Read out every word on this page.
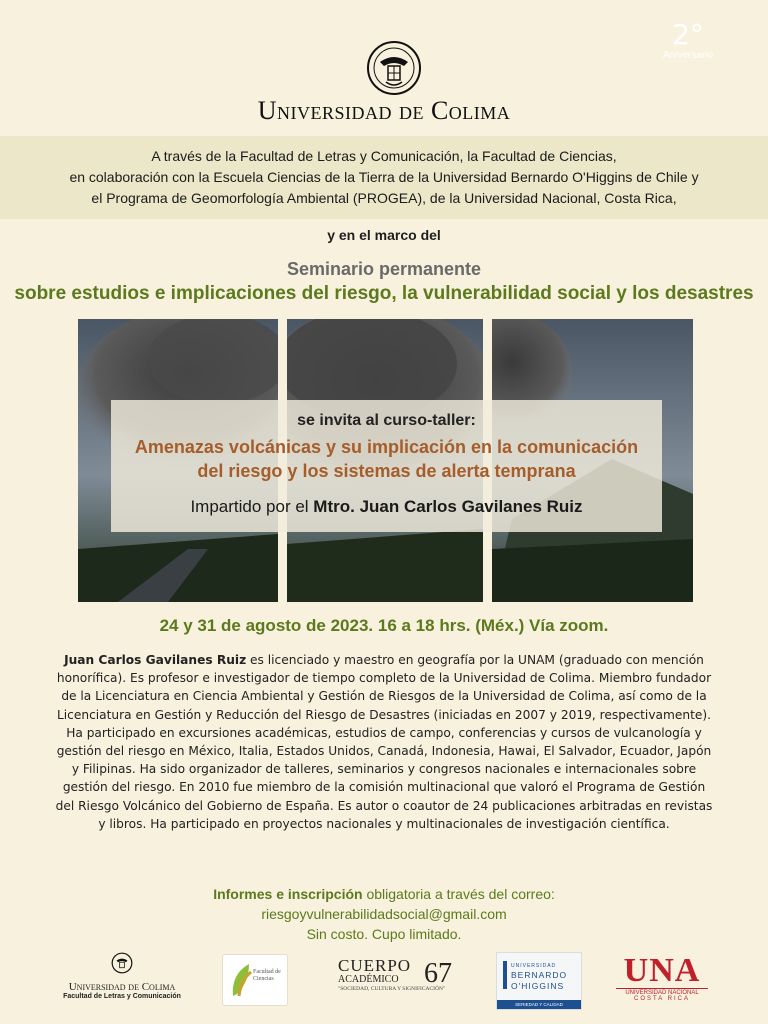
2°
Aniversario
Universidad de Colima
A través de la Facultad de Letras y Comunicación, la Facultad de Ciencias,
en colaboración con la Escuela Ciencias de la Tierra de la Universidad Bernardo O'Higgins de Chile y
el Programa de Geomorfología Ambiental (PROGEA), de la Universidad Nacional, Costa Rica,
y en el marco del
Seminario permanente
sobre estudios e implicaciones del riesgo, la vulnerabilidad social y los desastres
se invita al curso-taller:
Amenazas volcánicas y su implicación en la comunicación
del riesgo y los sistemas de alerta temprana
Impartido por el Mtro. Juan Carlos Gavilanes Ruiz
24 y 31 de agosto de 2023. 16 a 18 hrs. (Méx.) Vía zoom.
Juan Carlos Gavilanes Ruiz es licenciado y maestro en geografía por la UNAM (graduado con mención honorífica). Es profesor e investigador de tiempo completo de la Universidad de Colima. Miembro fundador de la Licenciatura en Ciencia Ambiental y Gestión de Riesgos de la Universidad de Colima, así como de la Licenciatura en Gestión y Reducción del Riesgo de Desastres (iniciadas en 2007 y 2019, respectivamente). Ha participado en excursiones académicas, estudios de campo, conferencias y cursos de vulcanología y gestión del riesgo en México, Italia, Estados Unidos, Canadá, Indonesia, Hawai, El Salvador, Ecuador, Japón y Filipinas. Ha sido organizador de talleres, seminarios y congresos nacionales e internacionales sobre gestión del riesgo. En 2010 fue miembro de la comisión multinacional que valoró el Programa de Gestión del Riesgo Volcánico del Gobierno de España. Es autor o coautor de 24 publicaciones arbitradas en revistas y libros. Ha participado en proyectos nacionales y multinacionales de investigación científica.
Informes e inscripción obligatoria a través del correo:
riesgoyvulnerabilidadsocial@gmail.com
Sin costo. Cupo limitado.
Universidad de Colima
Facultad de Letras y Comunicación
Facultad de Ciencias
CUERPO
ACADÉMICO 67
"SOCIEDAD, CULTURA Y SIGNIFICACIÓN"
UNIVERSIDAD
BERNARDO
O'HIGGINS
SERIEDAD Y CALIDAD
UNA
UNIVERSIDAD NACIONAL
COSTA RICA
